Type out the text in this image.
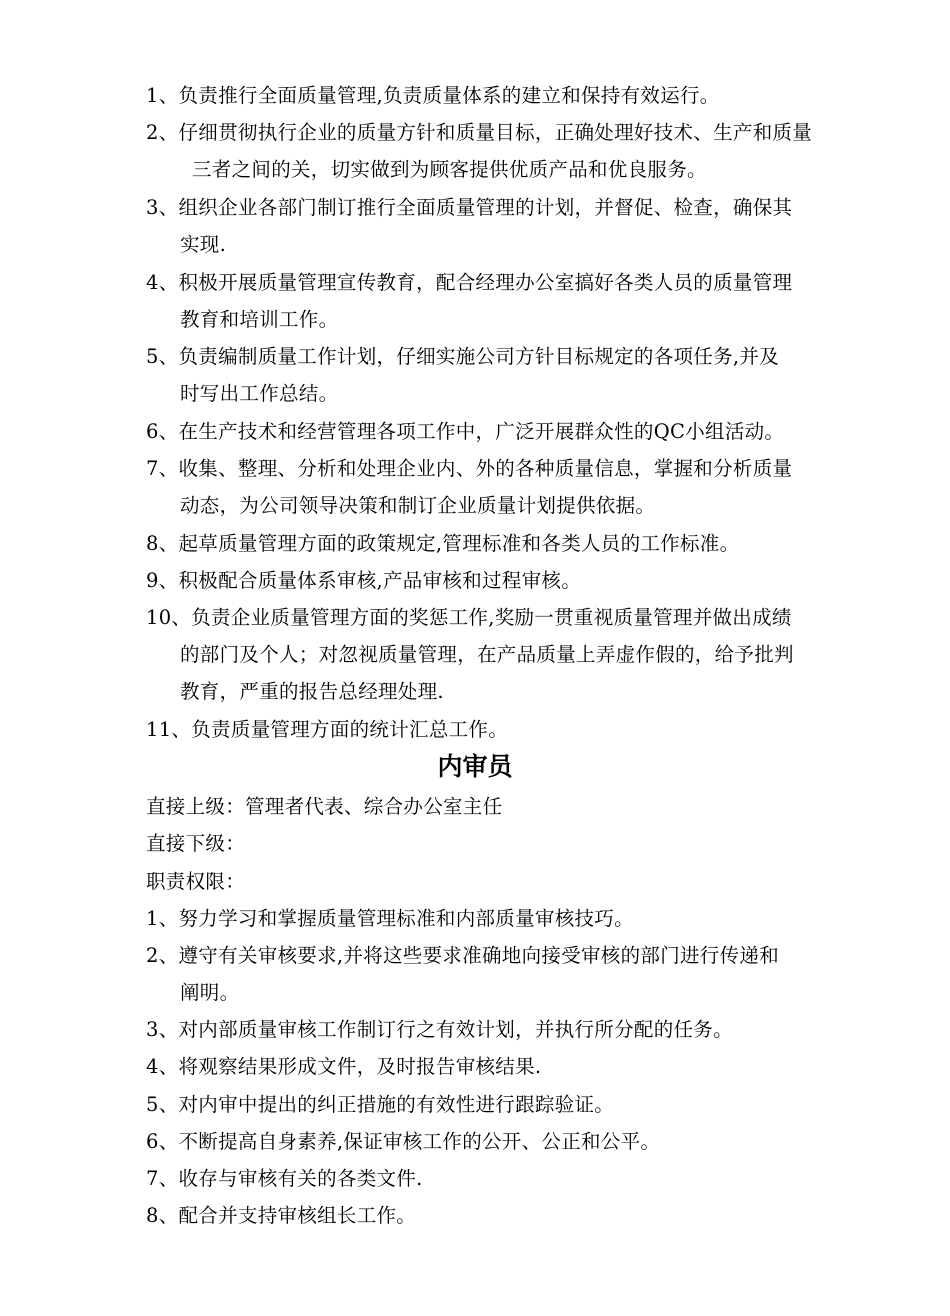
1、负责推行全面质量管理,负责质量体系的建立和保持有效运行。
2、仔细贯彻执行企业的质量方针和质量目标，正确处理好技术、生产和质量
三者之间的关，切实做到为顾客提供优质产品和优良服务。
3、组织企业各部门制订推行全面质量管理的计划，并督促、检查，确保其
实现.
4、积极开展质量管理宣传教育，配合经理办公室搞好各类人员的质量管理
教育和培训工作。
5、负责编制质量工作计划，仔细实施公司方针目标规定的各项任务,并及
时写出工作总结。
6、在生产技术和经营管理各项工作中，广泛开展群众性的QC小组活动。
7、收集、整理、分析和处理企业内、外的各种质量信息，掌握和分析质量
动态，为公司领导决策和制订企业质量计划提供依据。
8、起草质量管理方面的政策规定,管理标准和各类人员的工作标准。
9、积极配合质量体系审核,产品审核和过程审核。
10、负责企业质量管理方面的奖惩工作,奖励一贯重视质量管理并做出成绩
的部门及个人；对忽视质量管理，在产品质量上弄虚作假的，给予批判
教育，严重的报告总经理处理.
11、负责质量管理方面的统计汇总工作。
内审员
直接上级：管理者代表、综合办公室主任
直接下级：
职责权限：
1、努力学习和掌握质量管理标准和内部质量审核技巧。
2、遵守有关审核要求,并将这些要求准确地向接受审核的部门进行传递和
阐明。
3、对内部质量审核工作制订行之有效计划，并执行所分配的任务。
4、将观察结果形成文件，及时报告审核结果.
5、对内审中提出的纠正措施的有效性进行跟踪验证。
6、不断提高自身素养,保证审核工作的公开、公正和公平。
7、收存与审核有关的各类文件.
8、配合并支持审核组长工作。
